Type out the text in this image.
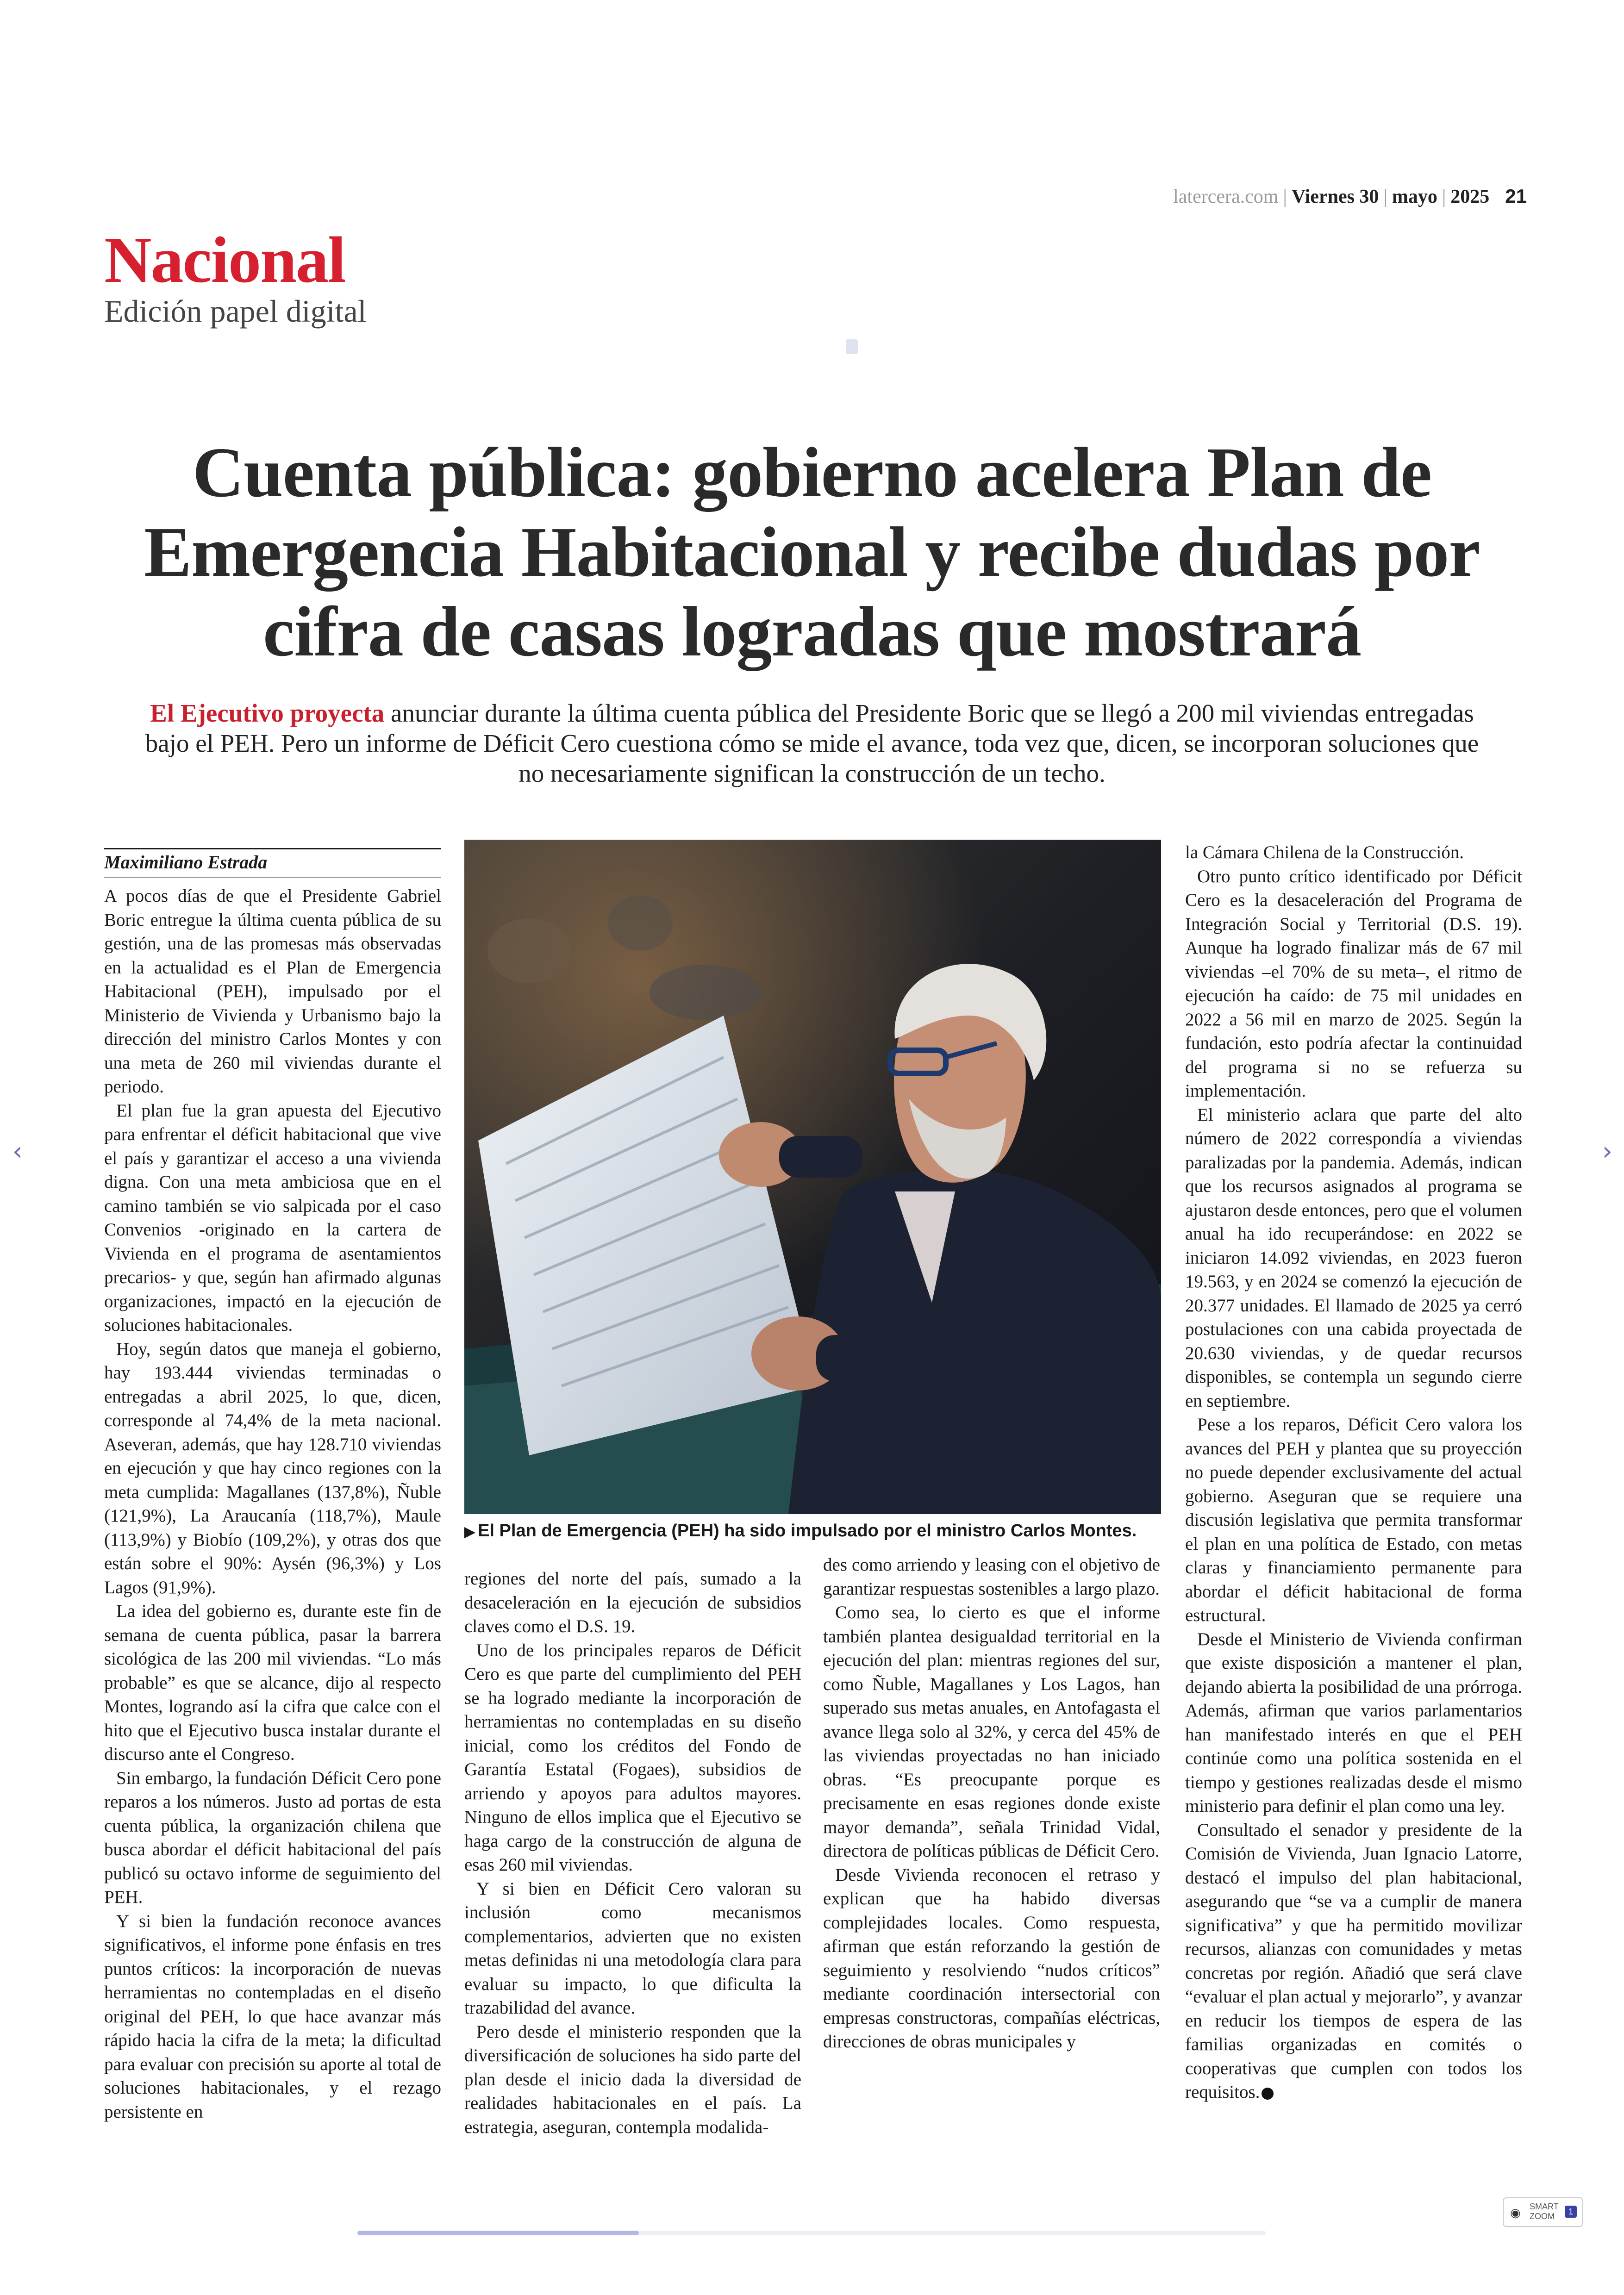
latercera.com | Viernes 30 | mayo | 2025 21
Nacional
Edición papel digital
Cuenta pública: gobierno acelera Plan de Emergencia Habitacional y recibe dudas por cifra de casas logradas que mostrará
El Ejecutivo proyecta anunciar durante la última cuenta pública del Presidente Boric que se llegó a 200 mil viviendas entregadas bajo el PEH. Pero un informe de Déficit Cero cuestiona cómo se mide el avance, toda vez que, dicen, se incorporan soluciones que no necesariamente significan la construcción de un techo.
Maximiliano Estrada

A pocos días de que el Presidente Gabriel Boric entregue la última cuenta pública de su gestión, una de las promesas más observadas en la actualidad es el Plan de Emergencia Habitacional (PEH), impulsado por el Ministerio de Vivienda y Urbanismo bajo la dirección del ministro Carlos Montes y con una meta de 260 mil viviendas durante el periodo.

El plan fue la gran apuesta del Ejecutivo para enfrentar el déficit habitacional que vive el país y garantizar el acceso a una vivienda digna. Con una meta ambiciosa que en el camino también se vio salpicada por el caso Convenios -originado en la cartera de Vivienda en el programa de asentamientos precarios- y que, según han afirmado algunas organizaciones, impactó en la ejecución de soluciones habitacionales.

Hoy, según datos que maneja el gobierno, hay 193.444 viviendas terminadas o entregadas a abril 2025, lo que, dicen, corresponde al 74,4% de la meta nacional. Aseveran, además, que hay 128.710 viviendas en ejecución y que hay cinco regiones con la meta cumplida: Magallanes (137,8%), Ñuble (121,9%), La Araucanía (118,7%), Maule (113,9%) y Biobío (109,2%), y otras dos que están sobre el 90%: Aysén (96,3%) y Los Lagos (91,9%).

La idea del gobierno es, durante este fin de semana de cuenta pública, pasar la barrera sicológica de las 200 mil viviendas. “Lo más probable” es que se alcance, dijo al respecto Montes, logrando así la cifra que calce con el hito que el Ejecutivo busca instalar durante el discurso ante el Congreso.

Sin embargo, la fundación Déficit Cero pone reparos a los números. Justo ad portas de esta cuenta pública, la organización chilena que busca abordar el déficit habitacional del país publicó su octavo informe de seguimiento del PEH.

Y si bien la fundación reconoce avances significativos, el informe pone énfasis en tres puntos críticos: la incorporación de nuevas herramientas no contempladas en el diseño original del PEH, lo que hace avanzar más rápido hacia la cifra de la meta; la dificultad para evaluar con precisión su aporte al total de soluciones habitacionales, y el rezago persistente en

regiones del norte del país, sumado a la desaceleración en la ejecución de subsidios claves como el D.S. 19.

Uno de los principales reparos de Déficit Cero es que parte del cumplimiento del PEH se ha logrado mediante la incorporación de herramientas no contempladas en su diseño inicial, como los créditos del Fondo de Garantía Estatal (Fogaes), subsidios de arriendo y apoyos para adultos mayores. Ninguno de ellos implica que el Ejecutivo se haga cargo de la construcción de alguna de esas 260 mil viviendas.

Y si bien en Déficit Cero valoran su inclusión como mecanismos complementarios, advierten que no existen metas definidas ni una metodología clara para evaluar su impacto, lo que dificulta la trazabilidad del avance.

Pero desde el ministerio responden que la diversificación de soluciones ha sido parte del plan desde el inicio dada la diversidad de realidades habitacionales en el país. La estrategia, aseguran, contempla modalida-

des como arriendo y leasing con el objetivo de garantizar respuestas sostenibles a largo plazo.

Como sea, lo cierto es que el informe también plantea desigualdad territorial en la ejecución del plan: mientras regiones del sur, como Ñuble, Magallanes y Los Lagos, han superado sus metas anuales, en Antofagasta el avance llega solo al 32%, y cerca del 45% de las viviendas proyectadas no han iniciado obras. “Es preocupante porque es precisamente en esas regiones donde existe mayor demanda”, señala Trinidad Vidal, directora de políticas públicas de Déficit Cero.

Desde Vivienda reconocen el retraso y explican que ha habido diversas complejidades locales. Como respuesta, afirman que están reforzando la gestión de seguimiento y resolviendo “nudos críticos” mediante coordinación intersectorial con empresas constructoras, compañías eléctricas, direcciones de obras municipales y

la Cámara Chilena de la Construcción.

Otro punto crítico identificado por Déficit Cero es la desaceleración del Programa de Integración Social y Territorial (D.S. 19). Aunque ha logrado finalizar más de 67 mil viviendas –el 70% de su meta–, el ritmo de ejecución ha caído: de 75 mil unidades en 2022 a 56 mil en marzo de 2025. Según la fundación, esto podría afectar la continuidad del programa si no se refuerza su implementación.

El ministerio aclara que parte del alto número de 2022 correspondía a viviendas paralizadas por la pandemia. Además, indican que los recursos asignados al programa se ajustaron desde entonces, pero que el volumen anual ha ido recuperándose: en 2022 se iniciaron 14.092 viviendas, en 2023 fueron 19.563, y en 2024 se comenzó la ejecución de 20.377 unidades. El llamado de 2025 ya cerró postulaciones con una cabida proyectada de 20.630 viviendas, y de quedar recursos disponibles, se contempla un segundo cierre en septiembre.

Pese a los reparos, Déficit Cero valora los avances del PEH y plantea que su proyección no puede depender exclusivamente del actual gobierno. Aseguran que se requiere una discusión legislativa que permita transformar el plan en una política de Estado, con metas claras y financiamiento permanente para abordar el déficit habitacional de forma estructural.

Desde el Ministerio de Vivienda confirman que existe disposición a mantener el plan, dejando abierta la posibilidad de una prórroga. Además, afirman que varios parlamentarios han manifestado interés en que el PEH continúe como una política sostenida en el tiempo y gestiones realizadas desde el mismo ministerio para definir el plan como una ley.

Consultado el senador y presidente de la Comisión de Vivienda, Juan Ignacio Latorre, destacó el impulso del plan habitacional, asegurando que “se va a cumplir de manera significativa” y que ha permitido movilizar recursos, alianzas con comunidades y metas concretas por región. Añadió que será clave “evaluar el plan actual y mejorarlo”, y avanzar en reducir los tiempos de espera de las familias organizadas en comités o cooperativas que cumplen con todos los requisitos.

▶ El Plan de Emergencia (PEH) ha sido impulsado por el ministro Carlos Montes.
‹	›
◉ SMART
ZOOM	1
